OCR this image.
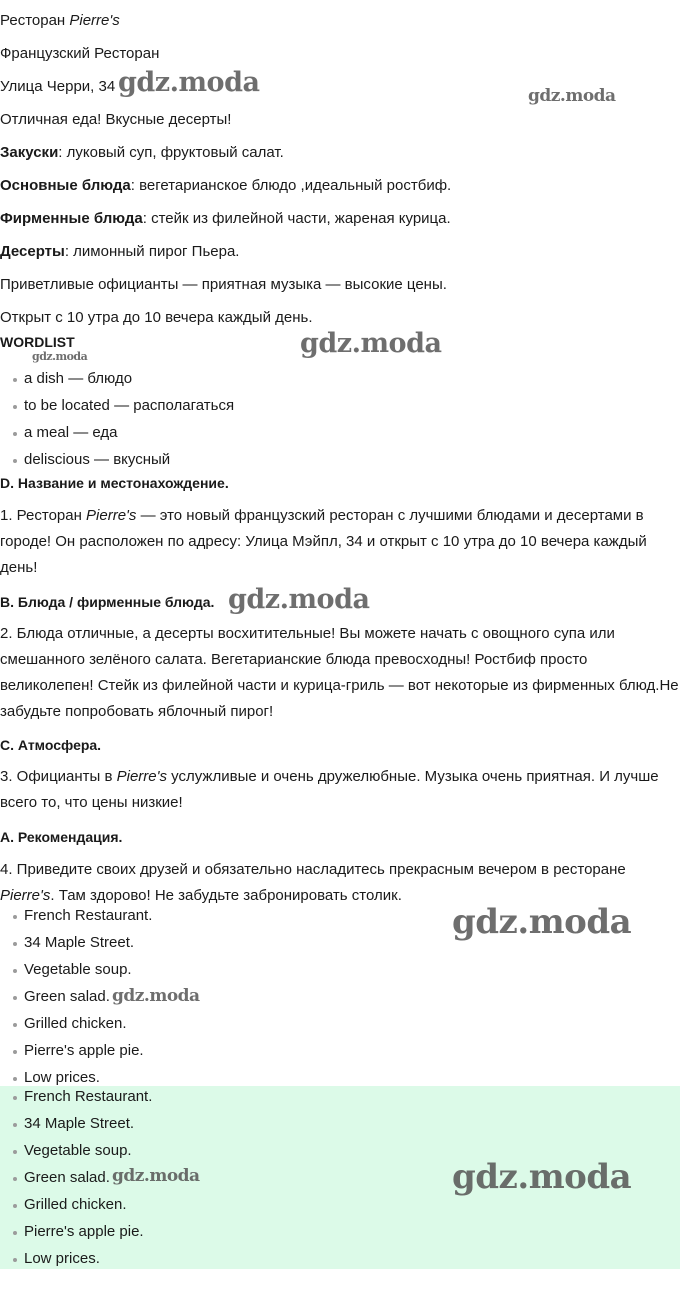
Ресторан Pierre's
Французский Ресторан
Улица Черри, 34
Отличная еда! Вкусные десерты!
Закуски: луковый суп, фруктовый салат.
Основные блюда: вегетарианское блюдо ,идеальный ростбиф.
Фирменные блюда: стейк из филейной части, жареная курица.
Десерты: лимонный пирог Пьера.
Приветливые официанты — приятная музыка — высокие цены.
Открыт с 10 утра до 10 вечера каждый день.
WORDLIST
a dish — блюдо
to be located — располагаться
a meal — еда
deliscious — вкусный
D. Название и местонахождение.
1. Ресторан Pierre's — это новый французский ресторан с лучшими блюдами и десертами в городе! Он расположен по адресу: Улица Мэйпл, 34 и открыт с 10 утра до 10 вечера каждый день!
B. Блюда / фирменные блюда.
2. Блюда отличные, а десерты восхитительные! Вы можете начать с овощного супа или смешанного зелёного салата. Вегетарианские блюда превосходны! Ростбиф просто великолепен! Стейк из филейной части и курица-гриль — вот некоторые из фирменных блюд.Не забудьте попробовать яблочный пирог!
C. Атмосфера.
3. Официанты в Pierre's услужливые и очень дружелюбные. Музыка очень приятная. И лучше всего то, что цены низкие!
A. Рекомендация.
4. Приведите своих друзей и обязательно насладитесь прекрасным вечером в ресторане Pierre's. Там здорово! Не забудьте забронировать столик.
French Restaurant.
34 Maple Street.
Vegetable soup.
Green salad.
Grilled chicken.
Pierre's apple pie.
Low prices.
French Restaurant.
34 Maple Street.
Vegetable soup.
Green salad.
Grilled chicken.
Pierre's apple pie.
Low prices.
gdz.moda	gdz.moda
gdz.moda	gdz.moda
gdz.moda
gdz.moda
gdz.moda
gdz.moda	gdz.moda
